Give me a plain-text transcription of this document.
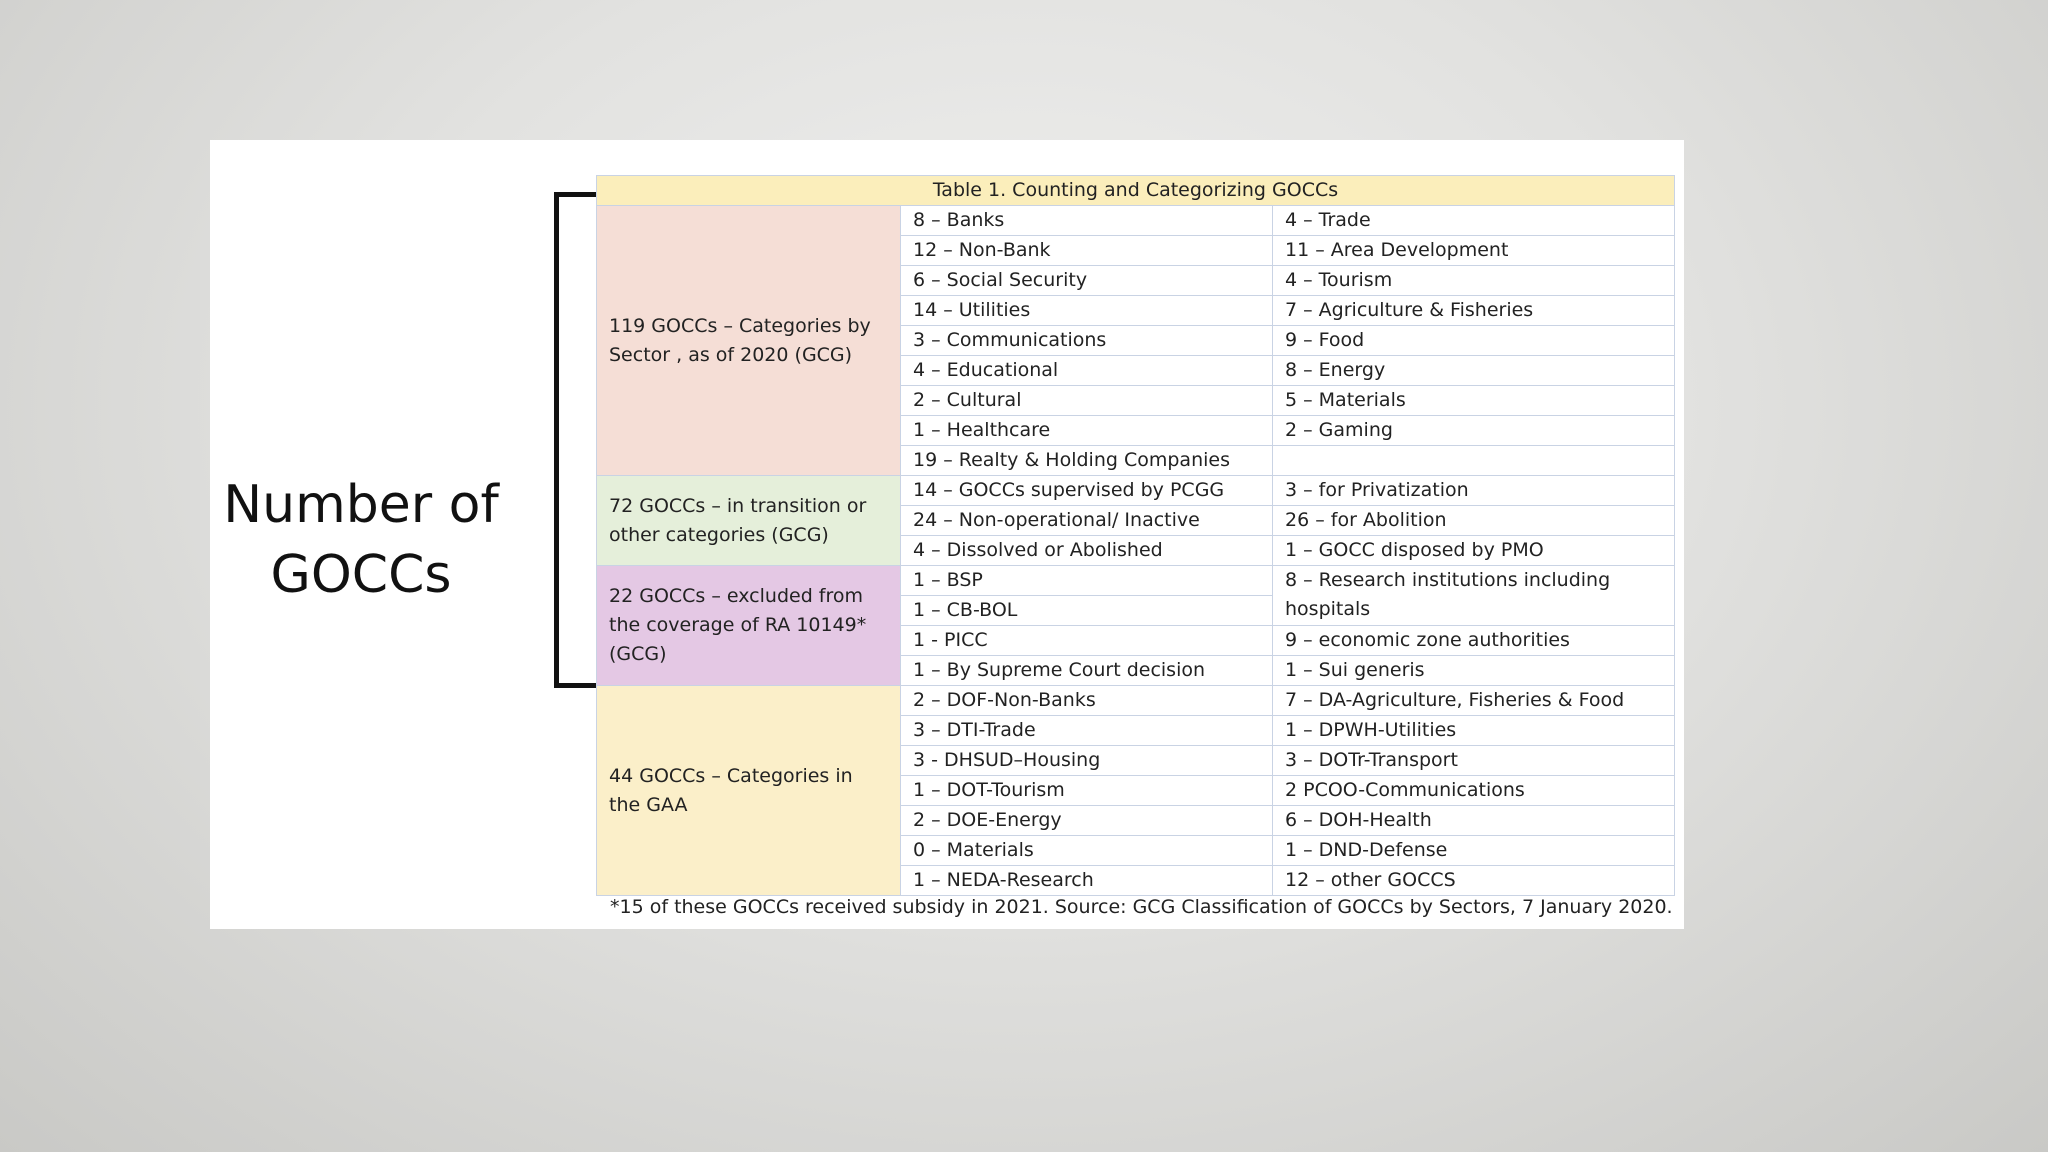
Number of
GOCCs
Table 1. Counting and Categorizing GOCCs		
119 GOCCs – Categories by Sector , as of 2020 (GCG)	8 – Banks	4 – Trade
	12 – Non-Bank	11 – Area Development
	6 – Social Security	4 – Tourism
	14 – Utilities	7 – Agriculture & Fisheries
	3 – Communications	9 – Food
	4 – Educational	8 – Energy
	2 – Cultural	5 – Materials
	1 – Healthcare	2 – Gaming
	19 – Realty & Holding Companies	
72 GOCCs – in transition or other categories (GCG)	14 – GOCCs supervised by PCGG	3 – for Privatization
	24 – Non-operational/ Inactive	26 – for Abolition
	4 – Dissolved or Abolished	1 – GOCC disposed by PMO
22 GOCCs – excluded from the coverage of RA 10149* (GCG)	1 – BSP	8 – Research institutions including hospitals
	1 – CB-BOL	
	1 - PICC	9 – economic zone authorities
	1 – By Supreme Court decision	1 – Sui generis
44 GOCCs – Categories in the GAA	2 – DOF-Non-Banks	7 – DA-Agriculture, Fisheries & Food
	3 – DTI-Trade	1 – DPWH-Utilities
	3 - DHSUD–Housing	3 – DOTr-Transport
	1 – DOT-Tourism	2 PCOO-Communications
	2 – DOE-Energy	6 – DOH-Health
	0 – Materials	1 – DND-Defense
	1 – NEDA-Research	12 – other GOCCS
*15 of these GOCCs received subsidy in 2021. Source: GCG Classification of GOCCs by Sectors, 7 January 2020.
